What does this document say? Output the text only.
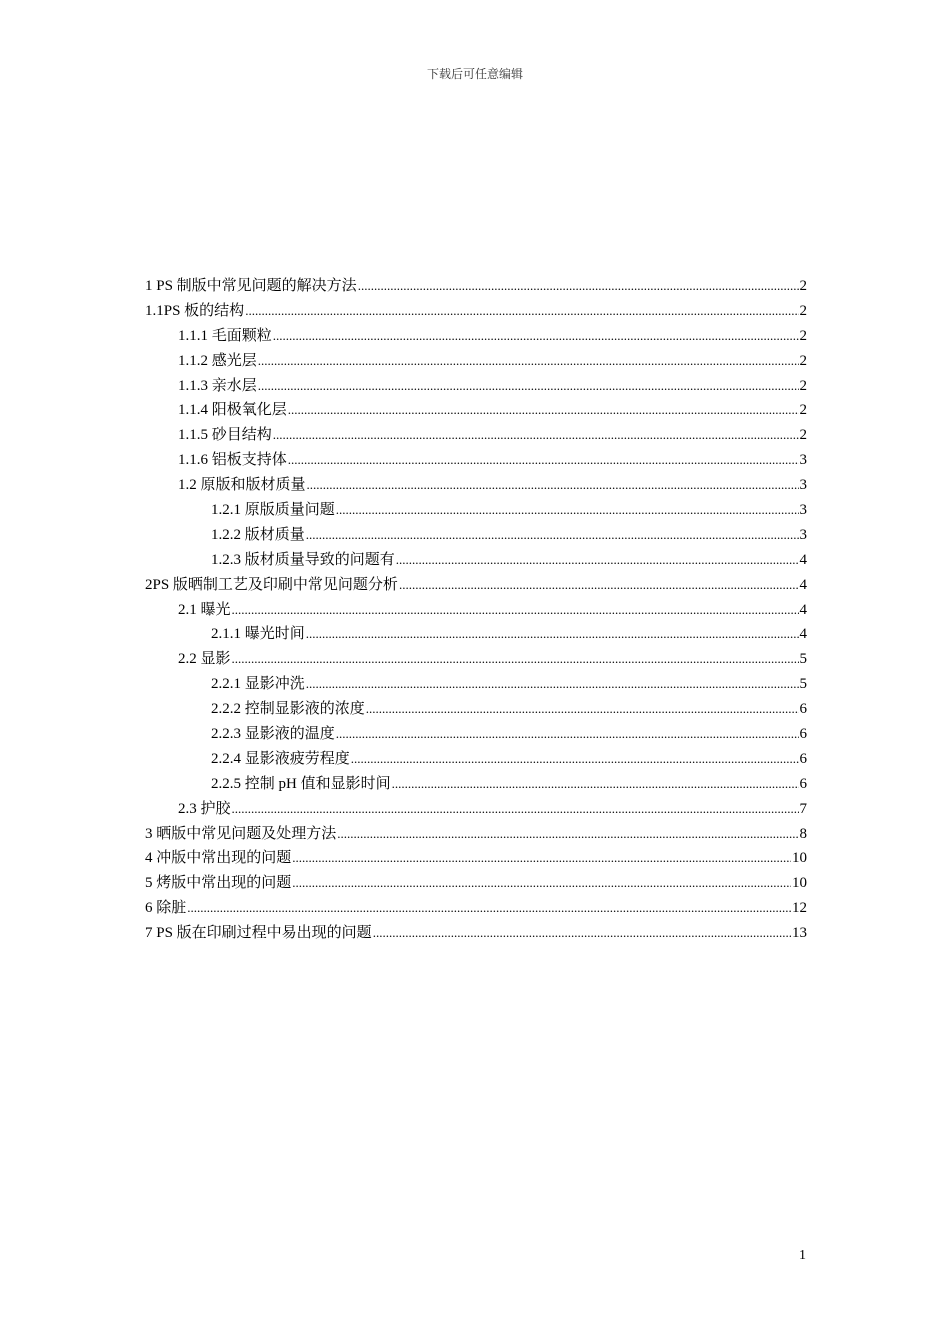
下载后可任意编辑
1 PS 制版中常见问题的解决方法 .....	2
1.1PS 板的结构 .....	2
1.1.1 毛面颗粒 .....	2
1.1.2 感光层 .....	2
1.1.3 亲水层 .....	2
1.1.4 阳极氧化层 .....	2
1.1.5 砂目结构 .....	2
1.1.6 铝板支持体 .....	3
1.2 原版和版材质量 .....	3
1.2.1 原版质量问题 .....	3
1.2.2 版材质量 .....	3
1.2.3 版材质量导致的问题有 .....	4
2PS 版晒制工艺及印刷中常见问题分析 .....	4
2.1 曝光 .....	4
2.1.1 曝光时间 .....	4
2.2 显影 .....	5
2.2.1 显影冲洗 .....	5
2.2.2 控制显影液的浓度 .....	6
2.2.3 显影液的温度 .....	6
2.2.4 显影液疲劳程度 .....	6
2.2.5 控制 pH 值和显影时间 .....	6
2.3 护胶 .....	7
3 晒版中常见问题及处理方法 .....	8
4 冲版中常出现的问题 .....	10
5 烤版中常出现的问题 .....	10
6 除脏 .....	12
7 PS 版在印刷过程中易出现的问题 .....	13
1
